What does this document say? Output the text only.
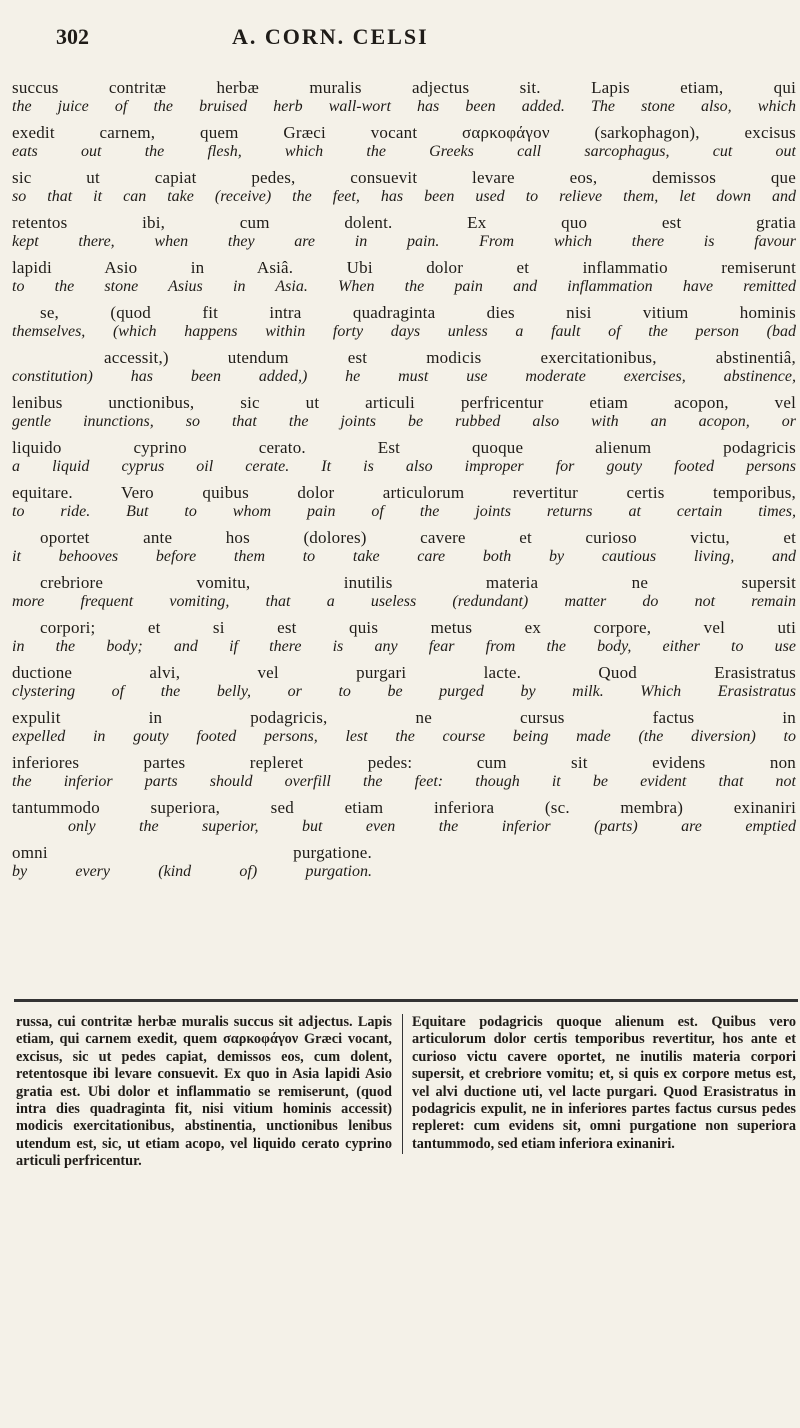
302	A. CORN. CELSI
succus contritæ herbæ muralis adjectus sit. Lapis etiam, qui
the juice of the bruised herb wall-wort has been added. The stone also, which
exedit carnem, quem Græci vocant σαρκοφάγον (sarkophagon), excisus
eats out the flesh, which the Greeks call sarcophagus, cut out
sic ut capiat pedes, consuevit levare eos, demissos que
so that it can take (receive) the feet, has been used to relieve them, let down and
retentos ibi, cum dolent. Ex quo est gratia
kept there, when they are in pain. From which there is favour
lapidi Asio in Asiâ. Ubi dolor et inflammatio remiserunt
to the stone Asius in Asia. When the pain and inflammation have remitted
se, (quod fit intra quadraginta dies nisi vitium hominis
themselves, (which happens within forty days unless a fault of the person (bad
accessit,) utendum est modicis exercitationibus, abstinentiâ,
constitution) has been added,) he must use moderate exercises, abstinence,
lenibus unctionibus, sic ut articuli perfricentur etiam acopon, vel
gentle inunctions, so that the joints be rubbed also with an acopon, or
liquido cyprino cerato. Est quoque alienum podagricis
a liquid cyprus oil cerate. It is also improper for gouty footed persons
equitare. Vero quibus dolor articulorum revertitur certis temporibus,
to ride. But to whom pain of the joints returns at certain times,
oportet ante hos (dolores) cavere et curioso victu, et
it behooves before them to take care both by cautious living, and
crebriore vomitu, inutilis materia ne supersit
more frequent vomiting, that a useless (redundant) matter do not remain
corpori; et si est quis metus ex corpore, vel uti
in the body; and if there is any fear from the body, either to use
ductione alvi, vel purgari lacte. Quod Erasistratus
clystering of the belly, or to be purged by milk. Which Erasistratus
expulit in podagricis, ne cursus factus in
expelled in gouty footed persons, lest the course being made (the diversion) to
inferiores partes repleret pedes: cum sit evidens non
the inferior parts should overfill the feet: though it be evident that not
tantummodo superiora, sed etiam inferiora (sc. membra) exinaniri
only the superior, but even the inferior (parts) are emptied
omni purgatione.
by every (kind of) purgation.
russa, cui contritæ herbæ muralis succus sit adjectus. Lapis etiam, qui carnem exedit, quem σαρκοφάγον Græci vocant, excisus, sic ut pedes capiat, demissos eos, cum dolent, retentosque ibi levare consuevit. Ex quo in Asia lapidi Asio gratia est. Ubi dolor et inflammatio se remiserunt, (quod intra dies quadraginta fit, nisi vitium hominis accessit) modicis exercitationibus, abstinentia, unctionibus lenibus utendum est, sic, ut etiam acopo, vel liquido cerato cyprino articuli perfricentur.
Equitare podagricis quoque alienum est. Quibus vero articulorum dolor certis temporibus revertitur, hos ante et curioso victu cavere oportet, ne inutilis materia corpori supersit, et crebriore vomitu; et, si quis ex corpore metus est, vel alvi ductione uti, vel lacte purgari. Quod Erasistratus in podagricis expulit, ne in inferiores partes factus cursus pedes repleret: cum evidens sit, omni purgatione non superiora tantummodo, sed etiam inferiora exinaniri.
